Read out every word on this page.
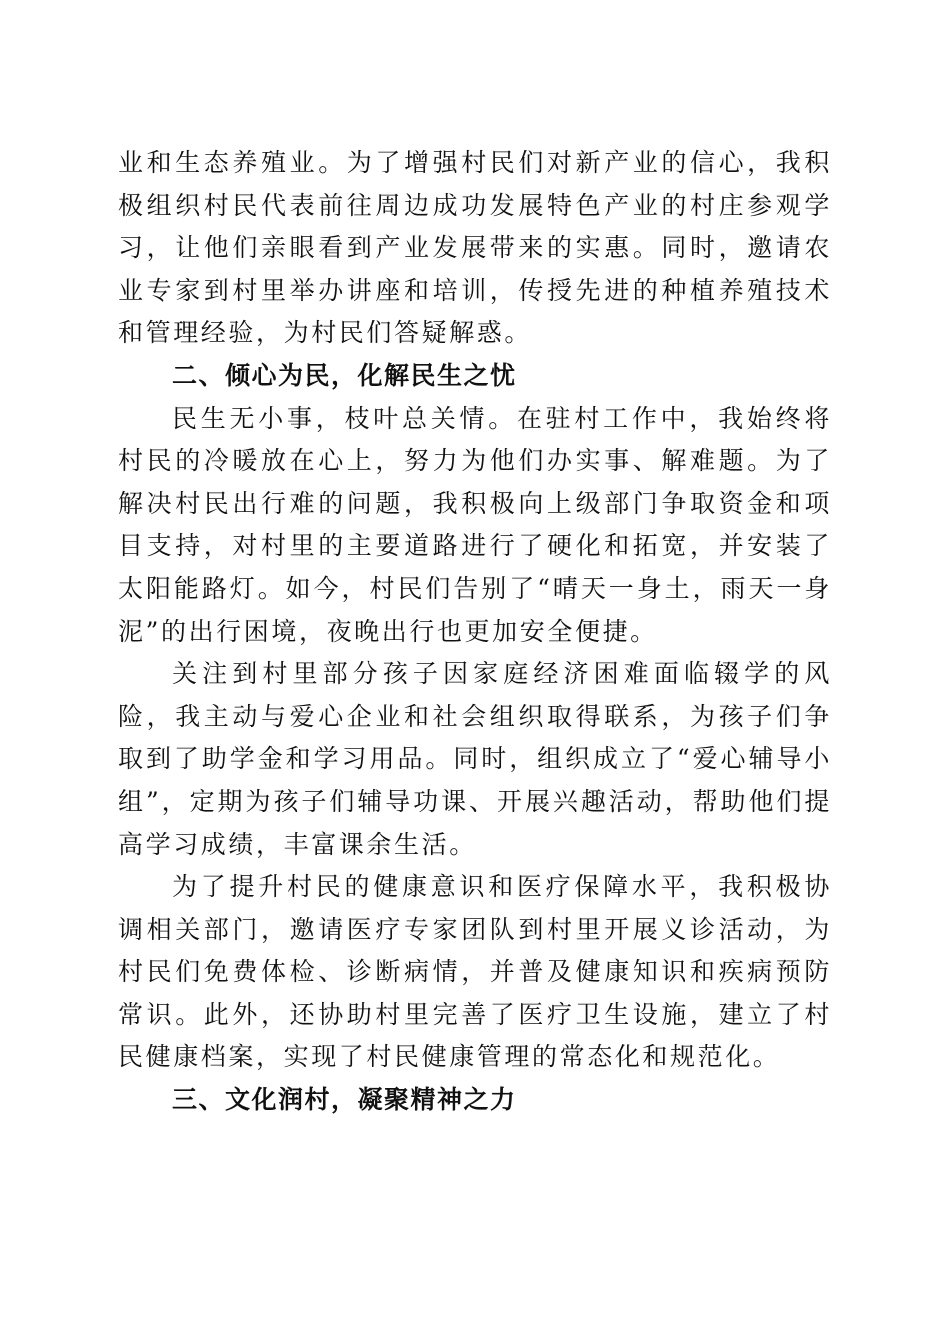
业和生态养殖业。为了增强村民们对新产业的信心，我积极组织村民代表前往周边成功发展特色产业的村庄参观学习，让他们亲眼看到产业发展带来的实惠。同时，邀请农业专家到村里举办讲座和培训，传授先进的种植养殖技术和管理经验，为村民们答疑解惑。

二、倾心为民，化解民生之忧

民生无小事，枝叶总关情。在驻村工作中，我始终将村民的冷暖放在心上，努力为他们办实事、解难题。为了解决村民出行难的问题，我积极向上级部门争取资金和项目支持，对村里的主要道路进行了硬化和拓宽，并安装了太阳能路灯。如今，村民们告别了“晴天一身土，雨天一身泥”的出行困境，夜晚出行也更加安全便捷。

关注到村里部分孩子因家庭经济困难面临辍学的风险，我主动与爱心企业和社会组织取得联系，为孩子们争取到了助学金和学习用品。同时，组织成立了“爱心辅导小组”，定期为孩子们辅导功课、开展兴趣活动，帮助他们提高学习成绩，丰富课余生活。

为了提升村民的健康意识和医疗保障水平，我积极协调相关部门，邀请医疗专家团队到村里开展义诊活动，为村民们免费体检、诊断病情，并普及健康知识和疾病预防常识。此外，还协助村里完善了医疗卫生设施，建立了村民健康档案，实现了村民健康管理的常态化和规范化。

三、文化润村，凝聚精神之力
